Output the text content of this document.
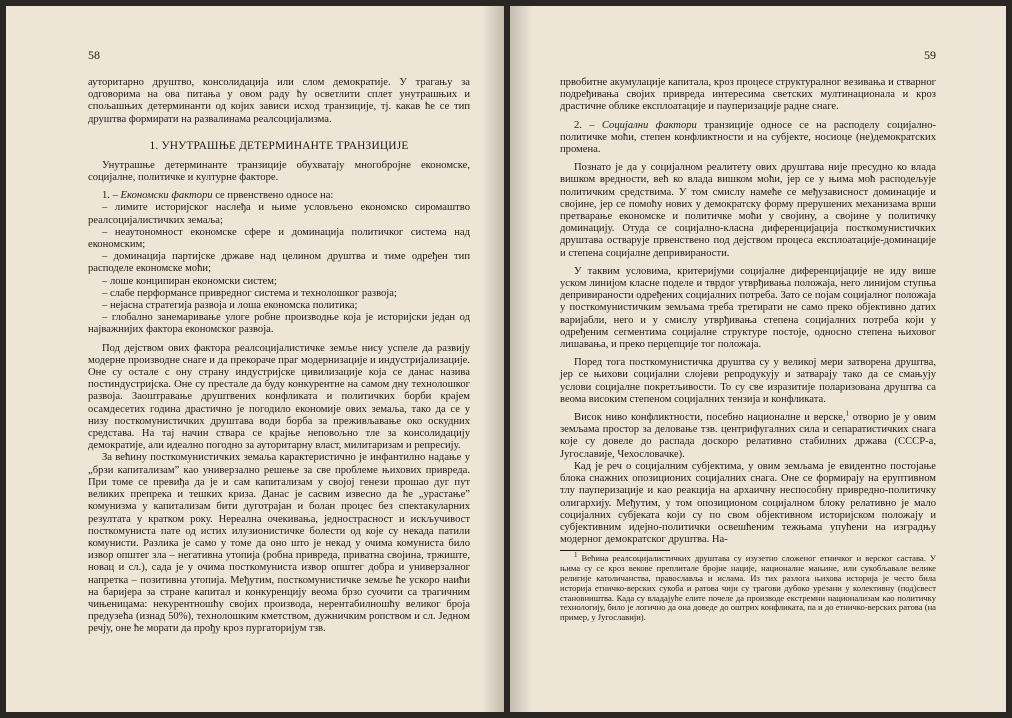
58

ауторитарно друштво, консолидација или слом демократије. У трагању за одговорима на ова питања у овом раду ћу осветлити сплет унутрашњих и спољашњих детерминанти од којих зависи исход транзиције, тј. какав ће се тип друштва формирати на развалинама реалсоцијализма.

1. УНУТРАШЊЕ ДЕТЕРМИНАНТЕ ТРАНЗИЦИЈЕ

Унутрашње детерминанте транзиције обухватају многобројне економске, социјалне, политичке и културне факторе.

1. – Економски фактори се првенствено односе на:

– лимите историјског наслеђа и њиме условљено економско сиромаштво реалсоцијалистичких земаља;

– неаутономност економске сфере и доминација политичког система над економским;

– доминација партијске државе над целином друштва и тиме одређен тип расподеле економске моћи;

– лоше конципиран економски систем;

– слабе перформансе привредног система и технолошког развоја;

– нејасна стратегија развоја и лоша економска политика;

– глобално занемаривање улоге робне производње која је историјски један од најважнијих фактора економског развоја.

Под дејством ових фактора реалсоцијалистичке земље нису успеле да развију модерне производне снаге и да прекораче праг модернизације и индустријализације. Оне су остале с ону страну индустријске цивилизације која се данас назива постиндустријска. Оне су престале да буду конкурентне на самом дну технолошког развоја. Заоштравање друштвених конфликата и политичких борби крајем осамдесетих година драстично је погодило економије ових земаља, тако да се у низу посткомунистичких друштава води борба за преживљавање око оскудних средстава. На тај начин ствара се крајње неповољно тле за консолидацију демократије, али идеално погодно за ауторитарну власт, милитаризам и репресију.

За већину посткомунистичких земаља карактеристично је инфантилно надање у „брзи капитализам” као универзално решење за све проблеме њихових привреда. При томе се превиђа да је и сам капитализам у својој генези прошао дуг пут великих препрека и тешких криза. Данас је сасвим извесно да ће „урастање” комунизма у капитализам бити дуготрајан и болан процес без спектакуларних резултата у кратком року. Нереална очекивања, једнострасност и искључивост посткомуниста пате од истих илузионистичке болести од које су некада патили комунисти. Разлика је само у томе да оно што је некад у очима комуниста било извор општег зла – негативна утопија (робна привреда, приватна својина, тржиште, новац и сл.), сада је у очима посткомуниста извор општег добра и универзалног напретка – позитивна утопија. Међутим, посткомунистичке земље ће ускоро наићи на баријера за стране капитал и конкуренцију веома брзо суочити са трагичним чињеницама: некурентношћу својих производа, нерентабилношћу великог броја предузећа (изнад 50%), технолошким кметством, дужничким ропством и сл. Једном речју, оне ће морати да прођу кроз пургаторијум тзв.

59

првобитне акумулације капитала, кроз процесе структуралног везивања и стварног подређивања својих привреда интересима светских мултинационала и кроз драстичне облике експлоатације и пауперизације радне снаге.

2. – Социјални фактори транзиције односе се на расподелу социјално-политичке моћи, степен конфликтности и на субјекте, носиоце (не)демократских промена.

Познато је да у социјалном реалитету ових друштава није пресудно ко влада вишком вредности, већ ко влада вишком моћи, јер се у њима моћ расподељује политичким средствима. У том смислу намеће се међузависност доминације и својине, јер се помоћу нових у демократску форму прерушених механизама врши претварање економске и политичке моћи у својину, а својине у политичку доминацију. Отуда се социјално-класна диференцијација посткомунистичких друштава остварује првенствено под дејством процеса експлоатације-доминације и степена социјалне депривираности.

У таквим условима, критеријуми социјалне диференцијације не иду више уском линијом класне поделе и тврдог утврђивања положаја, него линијом ступња депривираности одређених социјалних потреба. Зато се појам социјалног положаја у посткомунистичким земљама треба третирати не само преко објективно датих варијабли, него и у смислу утврђивања степена социјалних потреба који у одређеним сегментима социјалне структуре постоје, односно степена њиховог лишавања, и преко перцепције тог положаја.

Поред тога посткомунистичка друштва су у великој мери затворена друштва, јер се њихови социјални слојеви репродукују и затварају тако да се смањују услови социјалне покретљивости. То су све изразитије поларизована друштва са веома високим степеном социјалних тензија и конфликата.

Висок ниво конфликтности, посебно националне и верске,$^1$ отворио је у овим земљама простор за деловање тзв. центрифугалних сила и сепаратистичких снага које су довеле до распада доскоро релативно стабилних држава (СССР-а, Југославије, Чехословачке).

Кад је реч о социјалним субјектима, у овим земљама је евидентно постојање блока снажних опозиционих социјалних снага. Оне се формирају на еруптивном тлу пауперизације и као реакција на архаичну неспособну привредно-политичку олигархију. Међутим, у том опозиционом социјалном блоку релативно је мало социјалних субјеката који су по свом објективном историјском положају и субјективним идејно-политички освешћеним тежњама упућени на изградњу модерног демократског друштва. На-

$^1$ Већина реалсоцијалистичких друштава су изузетно сложеног етничког и верског састава. У њима су се кроз векове преплитале бројне нације, националне мањине, или сукобљавале велике религије католичанства, православља и ислама. Из тих разлога њихова историја је често била историја етничко-верских сукоба и ратова чији су трагови дубоко урезани у колективну (под)свест становништва. Када су владајуће елите почеле да производе екстремни национализам као политичку технологију, било је логично да она доведе до оштрих конфликата, па и до етничко-верских ратова (на пример, у Југославији).
